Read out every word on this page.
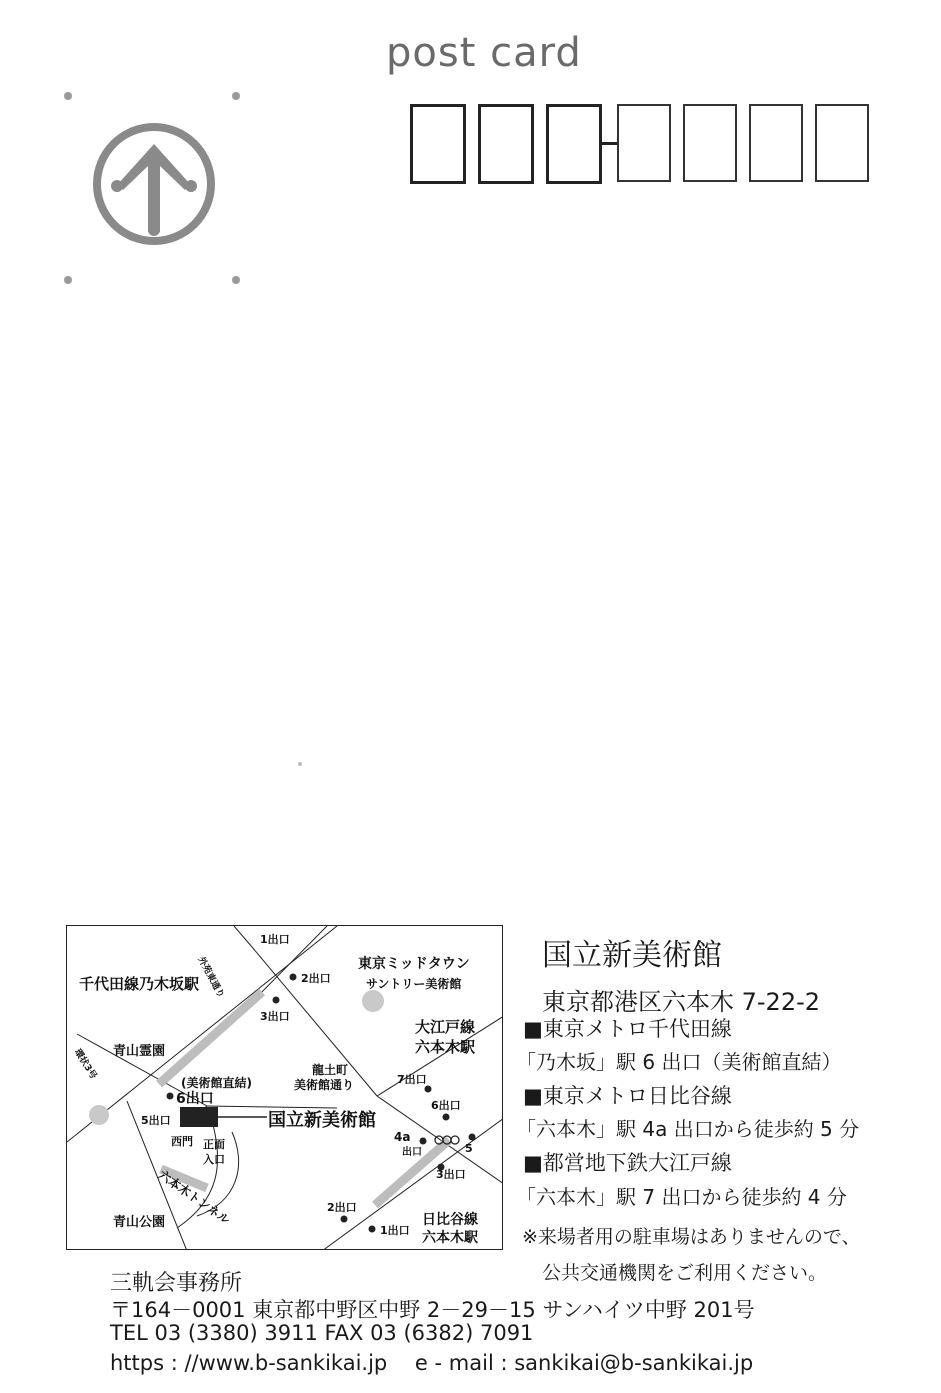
post card
1出口
外苑東通り	2出口
3出口
東京ミッドタウン
サントリー美術館
千代田線乃木坂駅
大江戸線
六本木駅
青山霊園
環状3号	龍土町
美術館通り
(美術館直結)
6出口
7出口
6出口
5出口	国立新美術館
4a
出口	5
西門 正面
入口
3出口
六本木トンネル
青山公園
2出口
1出口
日比谷線
六本木駅
国立新美術館
東京都港区六本木 7-22-2
■東京メトロ千代田線
「乃木坂」駅 6 出口（美術館直結）
■東京メトロ日比谷線
「六本木」駅 4a 出口から徒歩約 5 分
■都営地下鉄大江戸線
「六本木」駅 7 出口から徒歩約 4 分
※来場者用の駐車場はありませんので、
公共交通機関をご利用ください。
三軌会事務所
〒164－0001 東京都中野区中野 2－29－15 サンハイツ中野 201号
TEL 03 (3380) 3911 FAX 03 (6382) 7091
https : //www.b-sankikai.jp　 e - mail : sankikai@b-sankikai.jp
